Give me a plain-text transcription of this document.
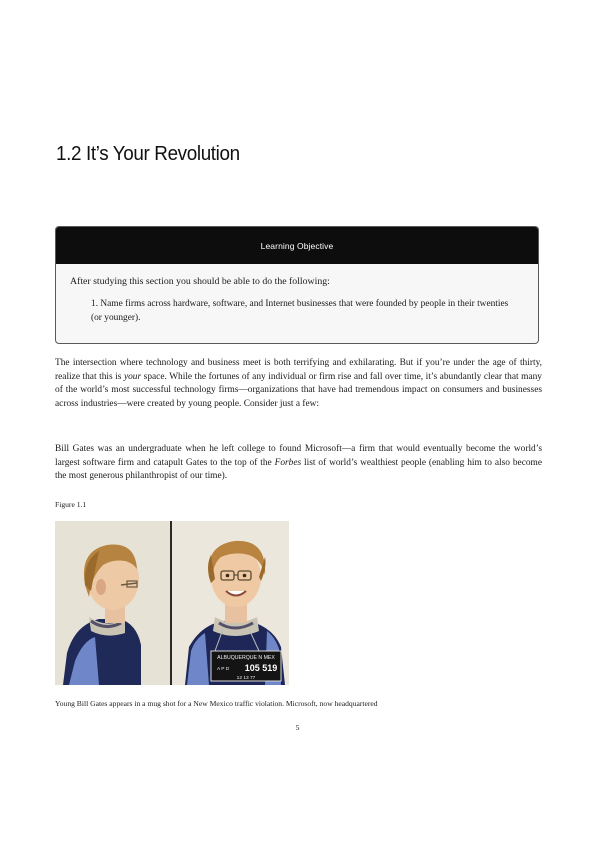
1.2 It’s Your Revolution
Learning Objective
After studying this section you should be able to do the following:
1. Name firms across hardware, software, and Internet businesses that were founded by people in their twenties (or younger).

The intersection where technology and business meet is both terrifying and exhilarating. But if you’re under the age of thirty, realize that this is your space. While the fortunes of any individual or firm rise and fall over time, it’s abundantly clear that many of the world’s most successful technology firms—organizations that have had tremendous impact on consumers and businesses across industries—were created by young people. Consider just a few:

Bill Gates was an undergraduate when he left college to found Microsoft—a firm that would eventually become the world’s largest software firm and catapult Gates to the top of the Forbes list of world’s wealthiest people (enabling him to also become the most generous philanthropist of our time).

Figure 1.1
ALBUQUERQUE N MEX
A P D 105 519
12 13 77
Young Bill Gates appears in a mug shot for a New Mexico traffic violation. Microsoft, now headquartered
5
